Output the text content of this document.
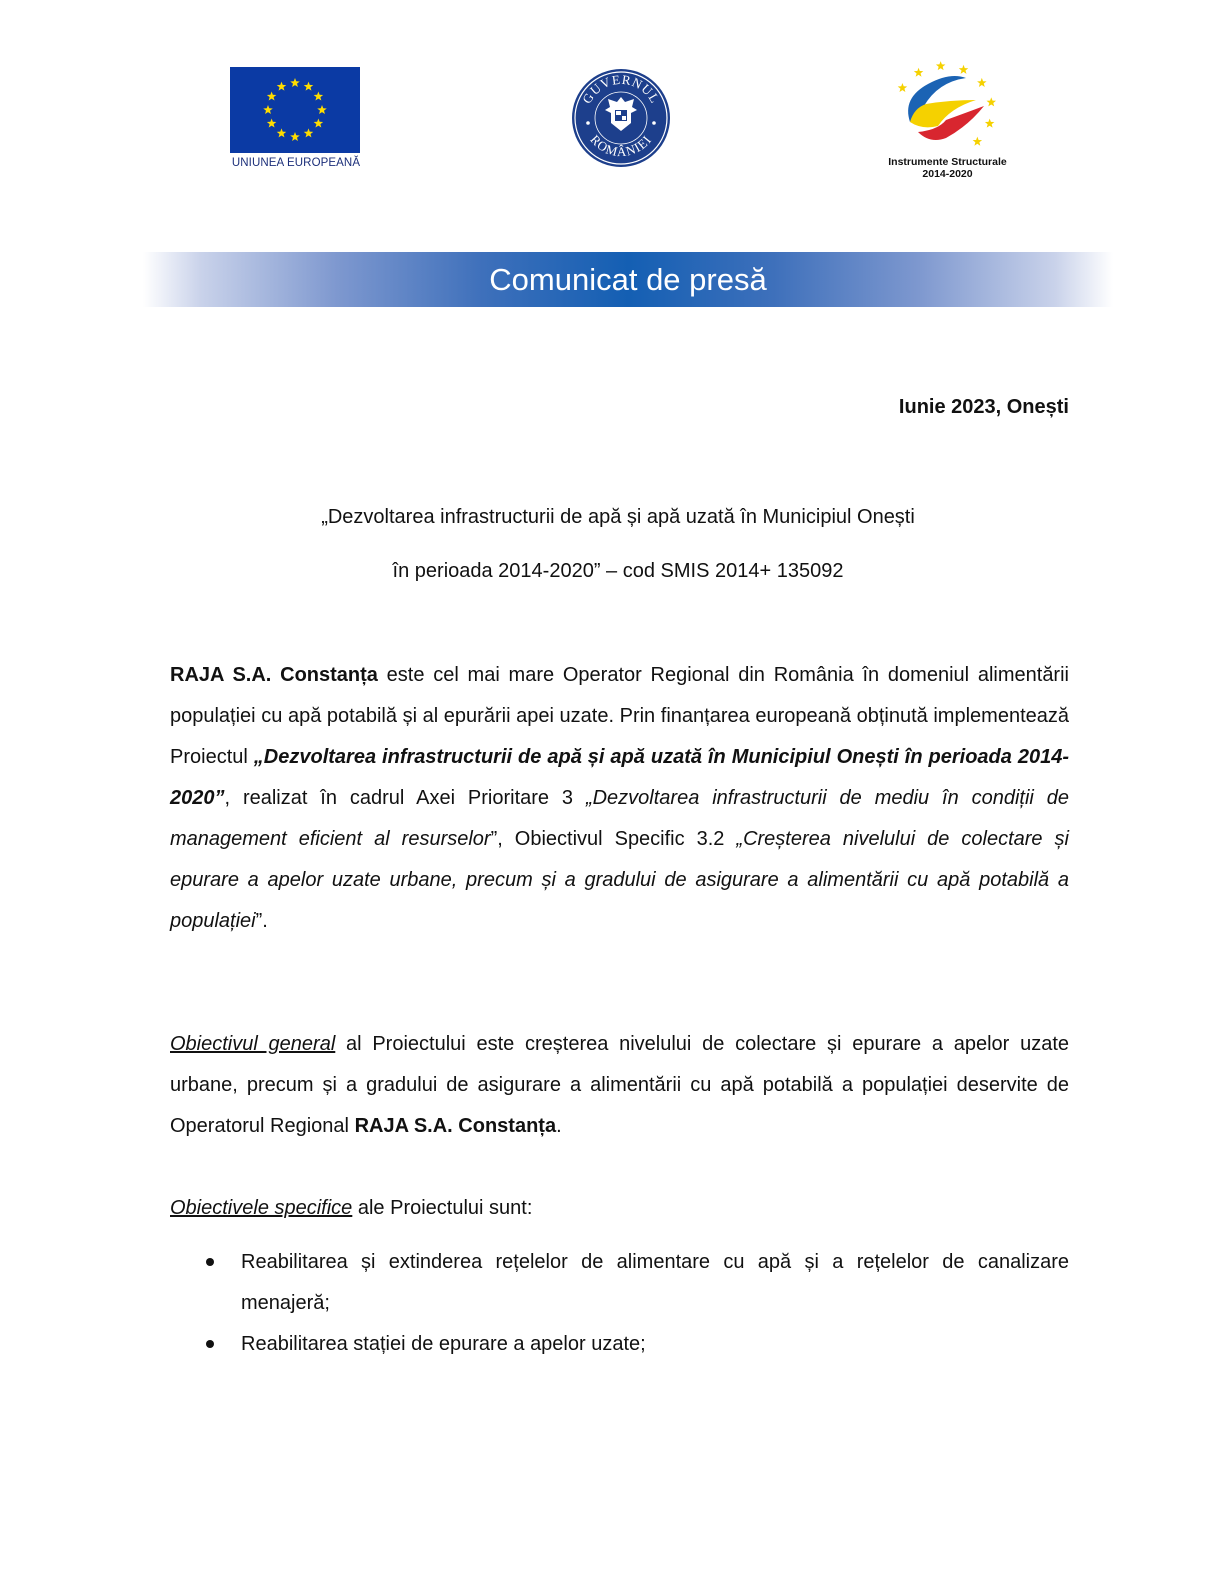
UNIUNEA EUROPEANĂ
GUVERNUL
ROMÂNIEI
Instrumente Structurale
2014-2020
Comunicat de presă
Iunie 2023, Onești
„Dezvoltarea infrastructurii de apă și apă uzată în Municipiul Onești
în perioada 2014-2020” – cod SMIS 2014+ 135092
RAJA S.A. Constanța este cel mai mare Operator Regional din România în domeniul alimentării populației cu apă potabilă și al epurării apei uzate. Prin finanțarea europeană obținută implementează Proiectul „Dezvoltarea infrastructurii de apă și apă uzată în Municipiul Onești în perioada 2014-2020”, realizat în cadrul Axei Prioritare 3 „Dezvoltarea infrastructurii de mediu în condiții de management eficient al resurselor”, Obiectivul Specific 3.2 „Creșterea nivelului de colectare și epurare a apelor uzate urbane, precum și a gradului de asigurare a alimentării cu apă potabilă a populației”.
Obiectivul general al Proiectului este creșterea nivelului de colectare și epurare a apelor uzate urbane, precum și a gradului de asigurare a alimentării cu apă potabilă a populației deservite de Operatorul Regional RAJA S.A. Constanța.
Obiectivele specifice ale Proiectului sunt:
Reabilitarea și extinderea rețelelor de alimentare cu apă și a rețelelor de canalizare menajeră;
Reabilitarea stației de epurare a apelor uzate;
